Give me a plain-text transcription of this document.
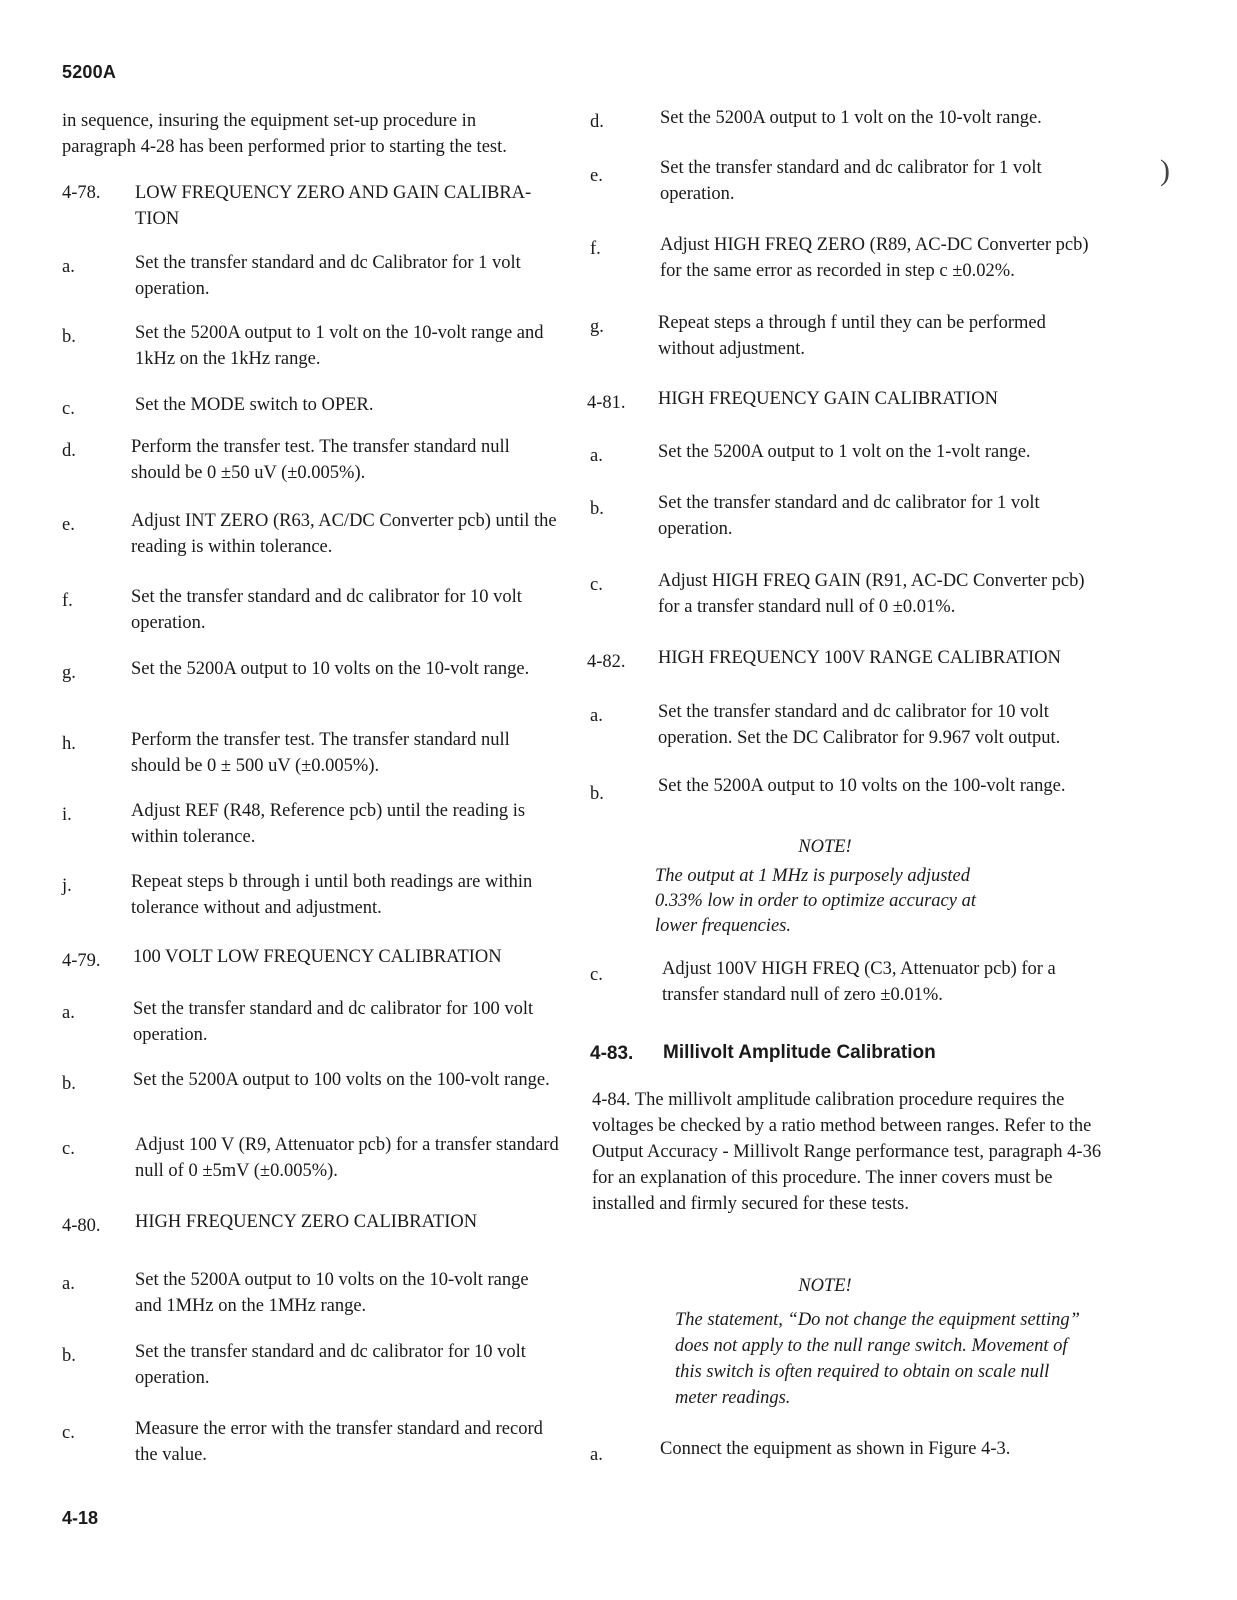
5200A
in sequence, insuring the equipment set-up procedure in paragraph 4-28 has been performed prior to starting the test.
4-78. LOW FREQUENCY ZERO AND GAIN CALIBRA- TION
a.	Set the transfer standard and dc Calibrator for 1 volt operation.
b.	Set the 5200A output to 1 volt on the 10-volt range and 1kHz on the 1kHz range.
c.	Set the MODE switch to OPER.
d.	Perform the transfer test. The transfer standard null should be 0 ±50 uV (±0.005%).
e.	Adjust INT ZERO (R63, AC/DC Converter pcb) until the reading is within tolerance.
f.	Set the transfer standard and dc calibrator for 10 volt operation.
g.	Set the 5200A output to 10 volts on the 10-volt range.
h.	Perform the transfer test. The transfer standard null should be 0 ± 500 uV (±0.005%).
i.	Adjust REF (R48, Reference pcb) until the reading is within tolerance.
j.	Repeat steps b through i until both readings are within tolerance without and adjustment.
4-79. 100 VOLT LOW FREQUENCY CALIBRATION
a.	Set the transfer standard and dc calibrator for 100 volt operation.
b.	Set the 5200A output to 100 volts on the 100-volt range.
c.	Adjust 100 V (R9, Attenuator pcb) for a transfer standard null of 0 ±5mV (±0.005%).
4-80. HIGH FREQUENCY ZERO CALIBRATION
a.	Set the 5200A output to 10 volts on the 10-volt range and 1MHz on the 1MHz range.
b.	Set the transfer standard and dc calibrator for 10 volt operation.
c.	Measure the error with the transfer standard and record the value.
4-18
d.	Set the 5200A output to 1 volt on the 10-volt range.
e.	Set the transfer standard and dc calibrator for 1 volt operation.
)
f.	Adjust HIGH FREQ ZERO (R89, AC-DC Converter pcb) for the same error as recorded in step c ±0.02%.
g.	Repeat steps a through f until they can be performed without adjustment.
4-81. HIGH FREQUENCY GAIN CALIBRATION
a.	Set the 5200A output to 1 volt on the 1-volt range.
b.	Set the transfer standard and dc calibrator for 1 volt operation.
c.	Adjust HIGH FREQ GAIN (R91, AC-DC Converter pcb) for a transfer standard null of 0 ±0.01%.
4-82. HIGH FREQUENCY 100V RANGE CALIBRATION
a.	Set the transfer standard and dc calibrator for 10 volt operation. Set the DC Calibrator for 9.967 volt output.
b.	Set the 5200A output to 10 volts on the 100-volt range.
NOTE!
The output at 1 MHz is purposely adjusted 0.33% low in order to optimize accuracy at lower frequencies.
c.	Adjust 100V HIGH FREQ (C3, Attenuator pcb) for a transfer standard null of zero ±0.01%.
4-83. Millivolt Amplitude Calibration
4-84. The millivolt amplitude calibration procedure requires the voltages be checked by a ratio method between ranges. Refer to the Output Accuracy - Millivolt Range performance test, paragraph 4-36 for an explanation of this procedure. The inner covers must be installed and firmly secured for these tests.
NOTE!
The statement, “Do not change the equipment setting” does not apply to the null range switch. Movement of this switch is often required to obtain on scale null meter readings.
a.	Connect the equipment as shown in Figure 4-3.
